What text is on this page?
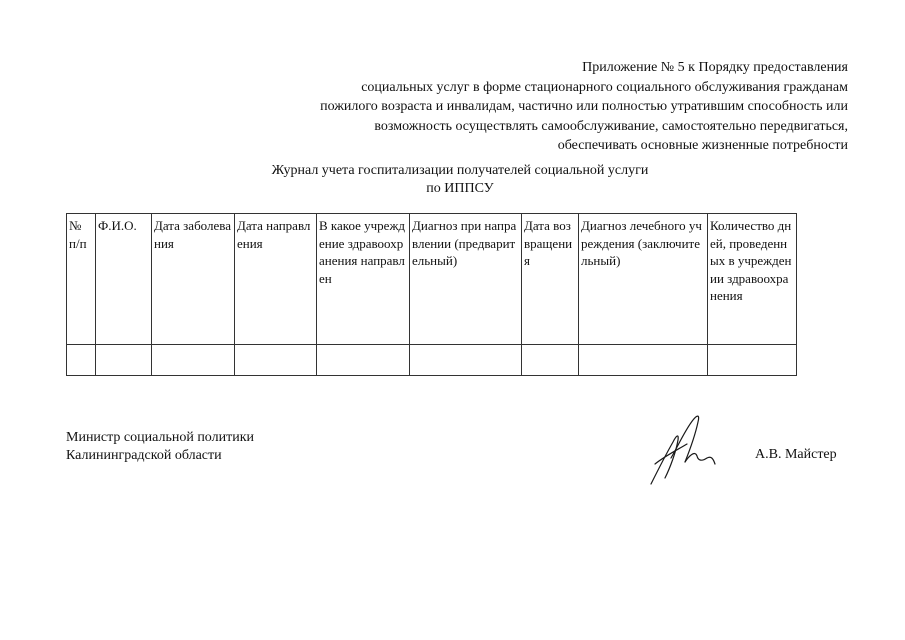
Приложение № 5 к Порядку предоставления
социальных услуг в форме стационарного социального обслуживания гражданам
пожилого возраста и инвалидам, частично или полностью утратившим способность или
возможность осуществлять самообслуживание, самостоятельно передвигаться,
обеспечивать основные жизненные потребности
Журнал учета госпитализации получателей социальной услуги
по ИППСУ
№ п/п	Ф.И.О.	Дата заболевания	Дата направления	В какое учреждение здравоохранения направлен	Диагноз при направлении (предварительный)	Дата возвращения	Диагноз лечебного учреждения (заключительный)	Количество дней, проведенных в учреждении здравоохранения

Министр социальной политики
Калининградской области	А.В. Майстер
